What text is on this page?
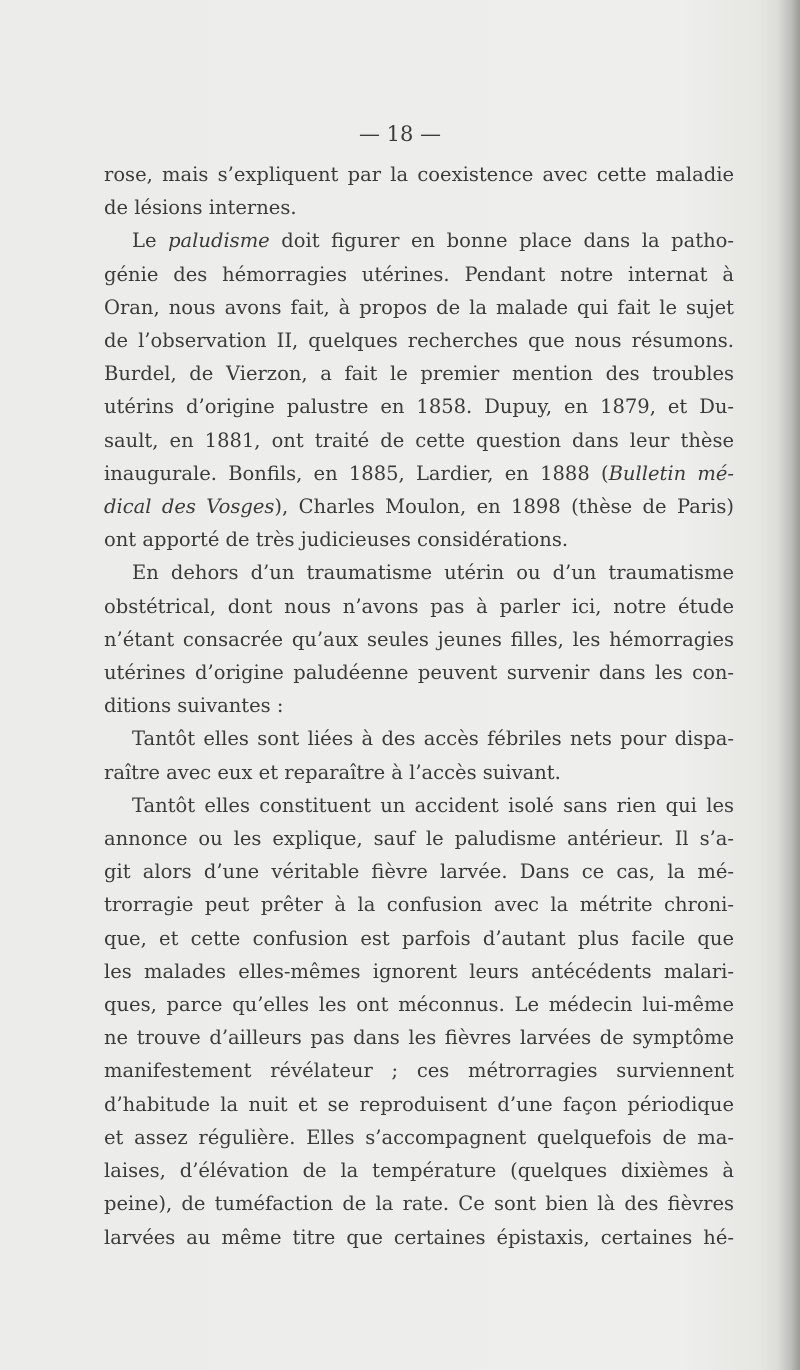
— 18 —
rose, mais s’expliquent par la coexistence avec cette maladie
de lésions internes.
Le paludisme doit figurer en bonne place dans la patho-
génie des hémorragies utérines. Pendant notre internat à
Oran, nous avons fait, à propos de la malade qui fait le sujet
de l’observation II, quelques recherches que nous résumons.
Burdel, de Vierzon, a fait le premier mention des troubles
utérins d’origine palustre en 1858. Dupuy, en 1879, et Du-
sault, en 1881, ont traité de cette question dans leur thèse
inaugurale. Bonfils, en 1885, Lardier, en 1888 (Bulletin mé-
dical des Vosges), Charles Moulon, en 1898 (thèse de Paris)
ont apporté de très judicieuses considérations.
En dehors d’un traumatisme utérin ou d’un traumatisme
obstétrical, dont nous n’avons pas à parler ici, notre étude
n’étant consacrée qu’aux seules jeunes filles, les hémorragies
utérines d’origine paludéenne peuvent survenir dans les con-
ditions suivantes :
Tantôt elles sont liées à des accès fébriles nets pour dispa-
raître avec eux et reparaître à l’accès suivant.
Tantôt elles constituent un accident isolé sans rien qui les
annonce ou les explique, sauf le paludisme antérieur. Il s’a-
git alors d’une véritable fièvre larvée. Dans ce cas, la mé-
trorragie peut prêter à la confusion avec la métrite chroni-
que, et cette confusion est parfois d’autant plus facile que
les malades elles-mêmes ignorent leurs antécédents malari-
ques, parce qu’elles les ont méconnus. Le médecin lui-même
ne trouve d’ailleurs pas dans les fièvres larvées de symptôme
manifestement révélateur ; ces métrorragies surviennent
d’habitude la nuit et se reproduisent d’une façon périodique
et assez régulière. Elles s’accompagnent quelquefois de ma-
laises, d’élévation de la température (quelques dixièmes à
peine), de tuméfaction de la rate. Ce sont bien là des fièvres
larvées au même titre que certaines épistaxis, certaines hé-
